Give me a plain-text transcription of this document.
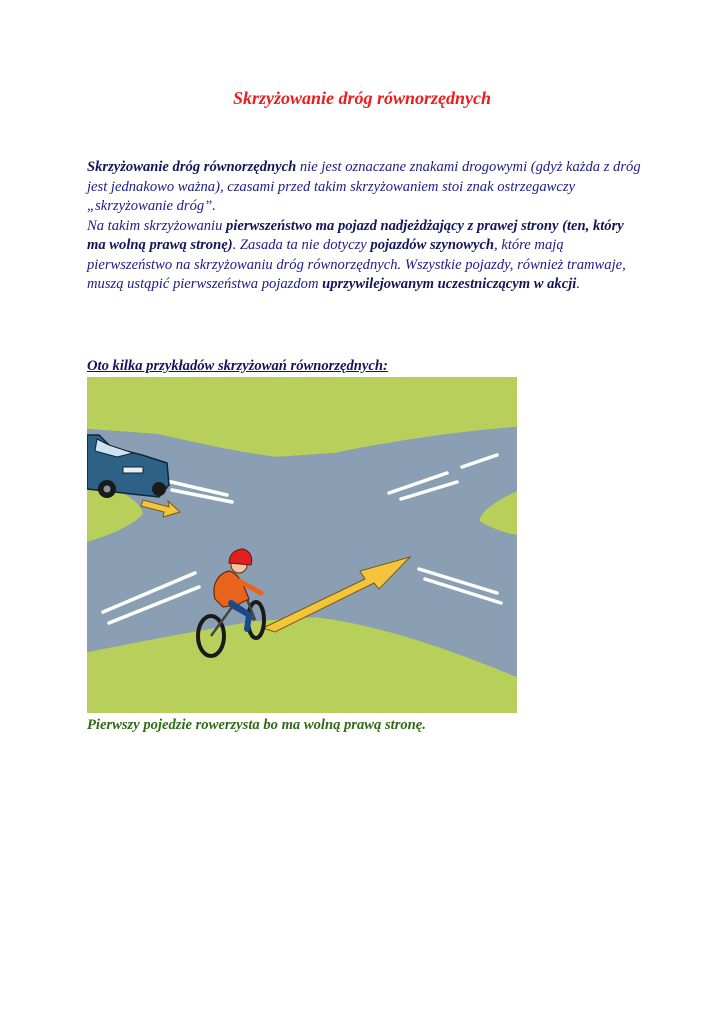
Skrzyżowanie dróg równorzędnych

Skrzyżowanie dróg równorzędnych nie jest oznaczane znakami drogowymi (gdyż każda z dróg jest jednakowo ważna), czasami przed takim skrzyżowaniem stoi znak ostrzegawczy „skrzyżowanie dróg”.

Na takim skrzyżowaniu pierwszeństwo ma pojazd nadjeżdżający z prawej strony (ten, który ma wolną prawą stronę). Zasada ta nie dotyczy pojazdów szynowych, które mają pierwszeństwo na skrzyżowaniu dróg równorzędnych. Wszystkie pojazdy, również tramwaje, muszą ustąpić pierwszeństwa pojazdom uprzywilejowanym uczestniczącym w akcji.

Oto kilka przykładów skrzyżowań równorzędnych:

Pierwszy pojedzie rowerzysta bo ma wolną prawą stronę.
